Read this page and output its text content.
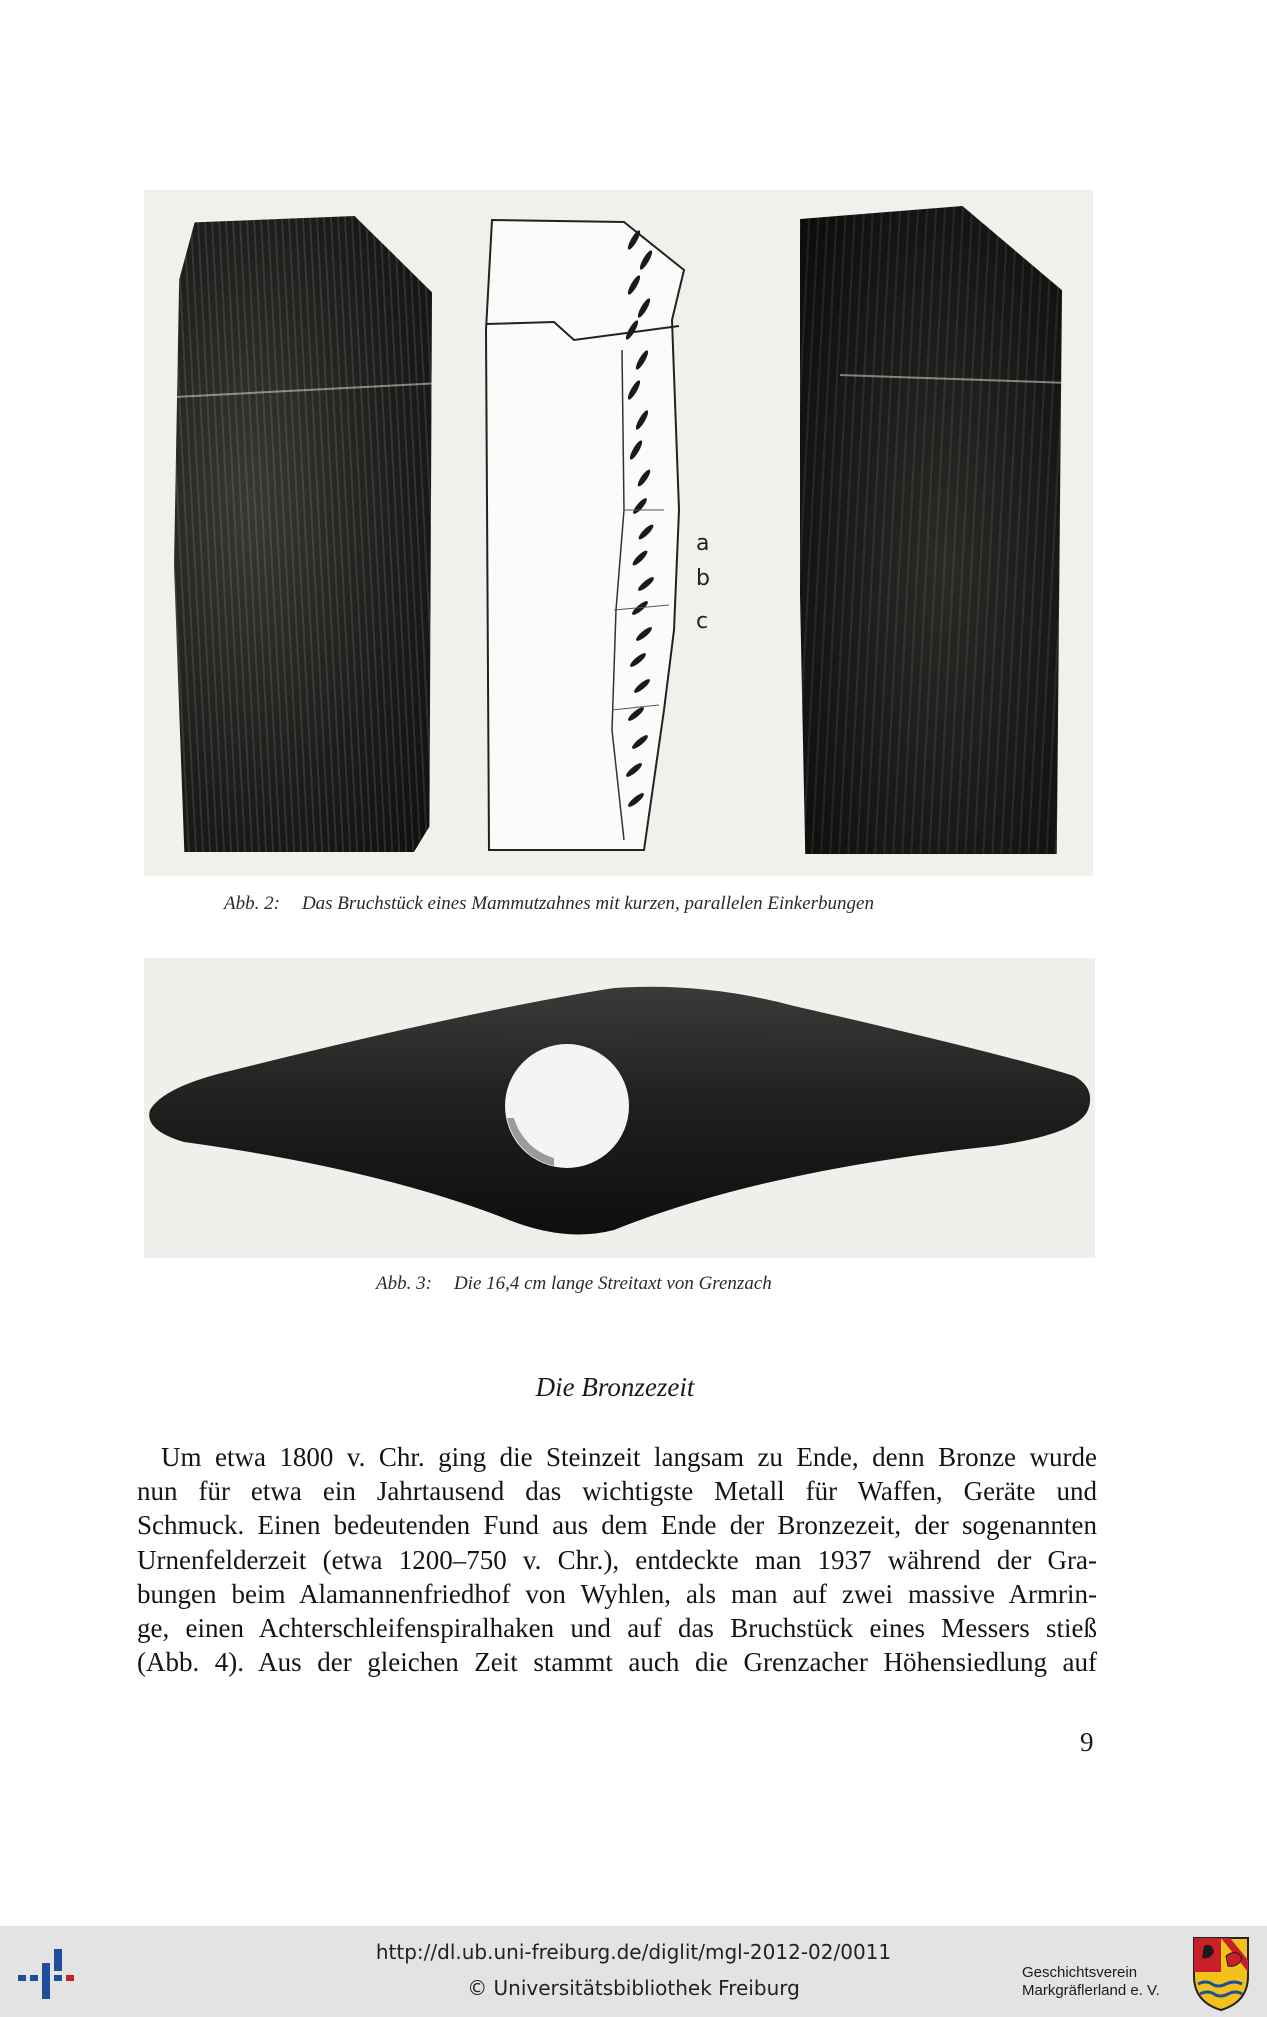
a
b
c
Abb. 2: Das Bruchstück eines Mammutzahnes mit kurzen, parallelen Einkerbungen
Abb. 3: Die 16,4 cm lange Streitaxt von Grenzach
Die Bronzezeit
Um etwa 1800 v. Chr. ging die Steinzeit langsam zu Ende, denn Bronze wurde
nun für etwa ein Jahrtausend das wichtigste Metall für Waffen, Geräte und
Schmuck. Einen bedeutenden Fund aus dem Ende der Bronzezeit, der sogenannten
Urnenfelderzeit (etwa 1200–750 v. Chr.), entdeckte man 1937 während der Gra-
bungen beim Alamannenfriedhof von Wyhlen, als man auf zwei massive Armrin-
ge, einen Achterschleifenspiralhaken und auf das Bruchstück eines Messers stieß
(Abb. 4). Aus der gleichen Zeit stammt auch die Grenzacher Höhensiedlung auf
9
http://dl.ub.uni-freiburg.de/diglit/mgl-2012-02/0011
© Universitätsbibliothek Freiburg
Geschichtsverein
Markgräflerland e. V.
